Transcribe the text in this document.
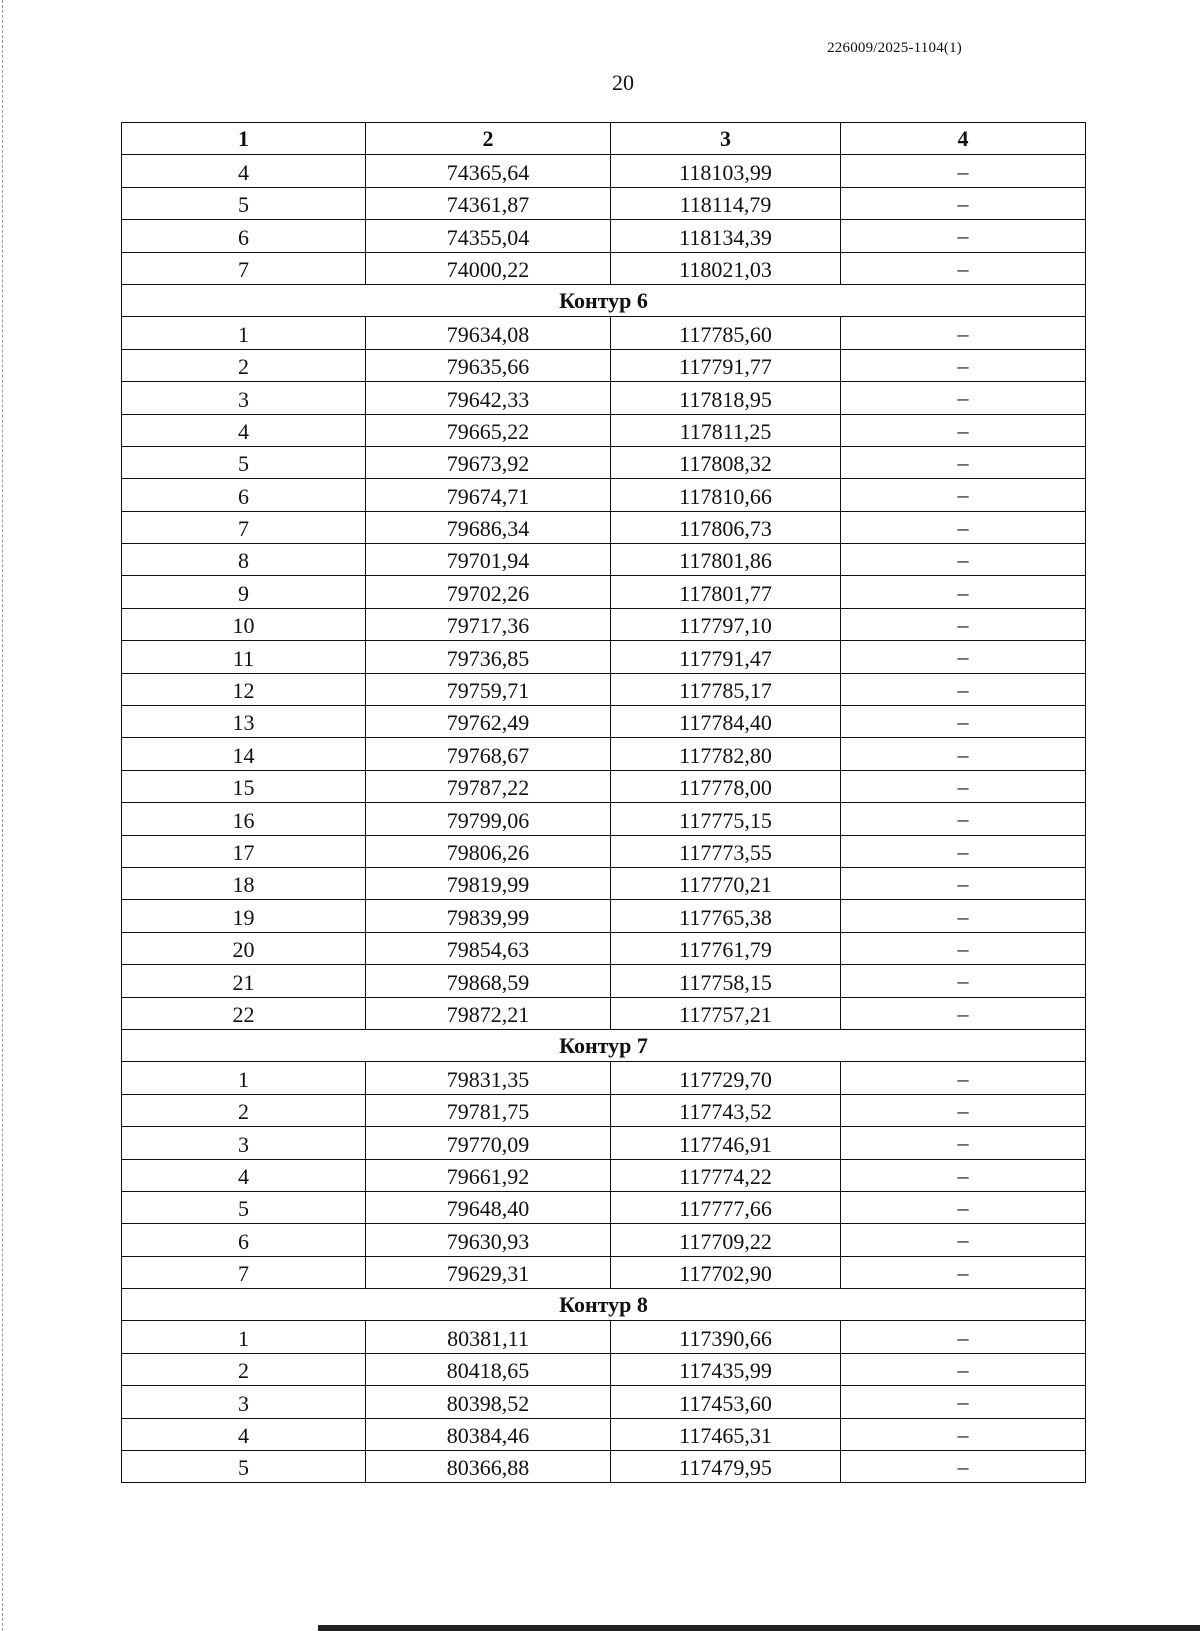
226009/2025-1104(1)
20
1	2	3	4
4	74365,64	118103,99	–
5	74361,87	118114,79	–
6	74355,04	118134,39	–
7	74000,22	118021,03	–
Контур 6			
1	79634,08	117785,60	–
2	79635,66	117791,77	–
3	79642,33	117818,95	–
4	79665,22	117811,25	–
5	79673,92	117808,32	–
6	79674,71	117810,66	–
7	79686,34	117806,73	–
8	79701,94	117801,86	–
9	79702,26	117801,77	–
10	79717,36	117797,10	–
11	79736,85	117791,47	–
12	79759,71	117785,17	–
13	79762,49	117784,40	–
14	79768,67	117782,80	–
15	79787,22	117778,00	–
16	79799,06	117775,15	–
17	79806,26	117773,55	–
18	79819,99	117770,21	–
19	79839,99	117765,38	–
20	79854,63	117761,79	–
21	79868,59	117758,15	–
22	79872,21	117757,21	–
Контур 7			
1	79831,35	117729,70	–
2	79781,75	117743,52	–
3	79770,09	117746,91	–
4	79661,92	117774,22	–
5	79648,40	117777,66	–
6	79630,93	117709,22	–
7	79629,31	117702,90	–
Контур 8			
1	80381,11	117390,66	–
2	80418,65	117435,99	–
3	80398,52	117453,60	–
4	80384,46	117465,31	–
5	80366,88	117479,95	–
